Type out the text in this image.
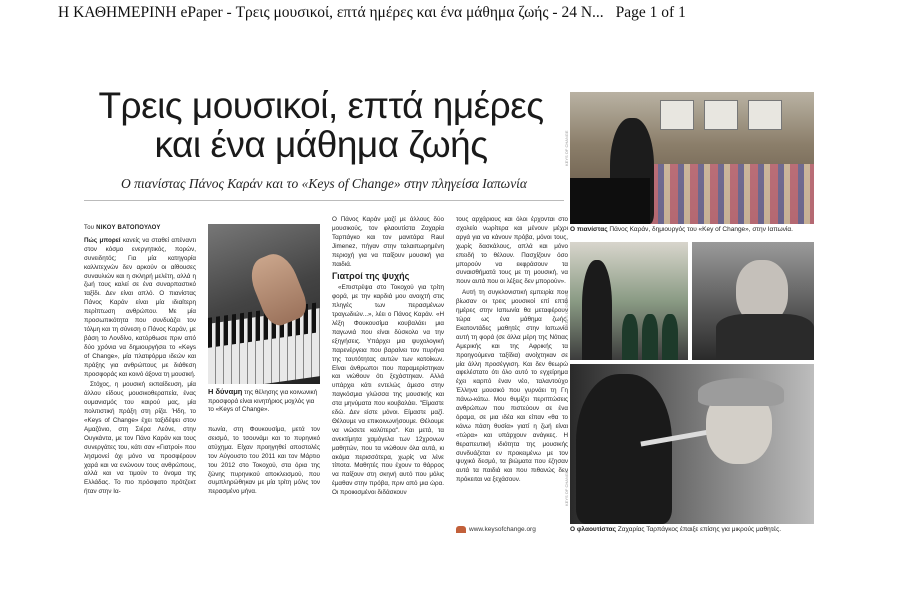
Η ΚΑΘΗΜΕΡΙΝΗ ePaper - Τρεις μουσικοί, επτά ημέρες και ένα μάθημα ζωής - 24 N... Page 1 of 1
Τρεις μουσικοί, επτά ημέρες
και ένα μάθημα ζωής
Ο πιανίστας Πάνος Καράν και το «Keys of Change» στην πληγείσα Ιαπωνία
Του ΝΙΚΟΥ ΒΑΤΟΠΟΥΛΟΥ

Πώς μπορεί κανείς να σταθεί απέναντι στον κόσμο ενεργητικός, πορών, συνειδητός; Για μία κατηγορία καλλιτεχνών δεν αρκούν οι αίθουσες συναυλιών και η σκληρή μελέτη, αλλά η ζωή τους καλεί σε ένα συναρπαστικό ταξίδι. Δεν είναι απλό. Ο πιανίστας Πάνος Καράν είναι μία ιδιαίτερη περίπτωση ανθρώπου. Με μία προσωπικότητα που συνδυάζει τον τόλμη και τη σύνεση ο Πάνος Καράν, με βάση το Λονδίνο, κατόρθωσε πριν από δύο χρόνια να δημιουργήσει το «Keys of Change», μία πλατφόρμα ιδεών και πράξης για ανθρώπους με διάθεση προσφοράς και κοινό άξονα τη μουσική.

Στόχος, η μουσική εκπαίδευση, μία άλλου είδους μουσικοθεραπεία, ένας ουμανισμός του καιρού μας, μία πολιτιστική πράξη στη ρίζα. Ήδη, το «Keys of Change» έχει ταξιδέψει στον Αμαζόνιο, στη Σιέρα Λεόνε, στην Ουγκάντα, με τον Πάνο Καράν και τους συνεργάτες του, κάτι σαν «Γιατροί» που λησμονεί όχι μόνο να προσφέρουν χαρά και να ενώνουν τους ανθρώπους, αλλά και να τιμούν το όνομα της Ελλάδας. Το πιο πρόσφατο πρότζεκτ ήταν στην Ια-

Η δύναμη της θέλησης για κοινωνική προσφορά είναι κινητήριος μοχλός για το «Keys of Change».

πωνία, στη Φουκουσίμα, μετά τον σεισμό, το τσουνάμι και το πυρηνικό ατύχημα. Είχαν προηγηθεί αποστολές τον Αύγουστο του 2011 και τον Μάρτιο του 2012 στο Τοκοχού, στα όρια της ζώνης πυρηνικού αποκλεισμού, που συμπληρώθηκαν με μία τρίτη μόλις τον περασμένο μήνα.

Ο Πάνος Καράν μαζί με άλλους δύο μουσικούς, τον φλαουτίστα Ζαχαρία Ταρπάγκο και τον μανιτάρα Raul Jimenez, πήγαν στην ταλαιπωρημένη περιοχή για να παίξουν μουσική για παιδιά.

Γιατροί της ψυχής

«Επιστρέψα στο Τοκοχού για τρίτη φορά, με την καρδιά μου ανοιχτή στις πληγές των περασμένων τραγωδιών...», λέει ο Πάνος Καράν. «Η λέξη Φουκουσίμα κουβαλάει μια παγωνιά που είναι δύσκολο να την εξηγήσεις. Υπάρχει μια ψυχολογική παρενέργεια που βαραίνει τον πυρήνα της ταυτότητας αυτών των κατοίκων. Είναι άνθρωποι που παραμερίστηκαν και νιώθουν ότι ξεχάστηκαν. Αλλά υπάρχει κάτι εντελώς άμεσο στην παγκόσμια γλώσσα της μουσικής και στα μηνύματα που κουβαλάει. "Είμαστε εδώ. Δεν είστε μόνοι. Είμαστε μαζί. Θέλουμε να επικοινωνήσουμε. Θέλουμε να νιώσετε καλύτερα". Και μετά, τα ανεκτίμητα χαμόγελα των 12χρονων μαθητών, που τα νιώθουν όλα αυτά, κι ακόμα περισσότερα, χωρίς να λένε τίποτα. Μαθητές που έχουν το θάρρος να παίξουν στη σκηνή αυτό που μόλις έμαθαν στην πρόβα, πριν από μια ώρα. Οι προικισμένοι διδάσκουν

τους αρχάριους και όλοι έρχονται στο σχολείο νωρίτερα και μένουν μέχρι αργά για να κάνουν πρόβα, μόνοι τους, χωρίς δασκάλους, απλά και μόνο επειδή το θέλουν. Πασχίζουν όσο μπορούν να εκφράσουν τα συναισθήματά τους με τη μουσική, να πουν αυτά που οι λέξεις δεν μπορούν».

Αυτή τη συγκλονιστική εμπειρία που βίωσαν οι τρεις μουσικοί επί επτά ημέρες στην Ιαπωνία θα μεταφέρουν τώρα ως ένα μάθημα ζωής. Εκατοντάδες μαθητές στην Ιαπωνία αυτή τη φορά (σε άλλα μέρη της Νότιας Αμερικής και της Αφρικής τα προηγούμενα ταξίδια) ανοίχτηκαν σε μία άλλη προσέγγιση. Και δεν θεωρώ αφελέστατο ότι όλο αυτό το εγχείρημα έχει καρπό έναν νέο, ταλαντούχο Έλληνα μουσικό που γυρνάει τη Γη πάνω-κάτω. Μου θυμίζει περιπτώσεις ανθρώπων που πιστεύουν σε ένα όραμα, σε μια ιδέα και είπαν «θα το κάνω πάση θυσία» γιατί η ζωή είναι «τώρα» και υπάρχουν ανάγκες. Η θεραπευτική ιδιότητα της μουσικής συνδυάζεται εν προκειμένω με τον ψυχικό δεσμό, τα βιώματα που έζησαν αυτά τα παιδιά και που πιθανώς δεν πρόκειται να ξεχάσουν.

www.keysofchange.org
Ο πιανίστας Πάνος Καράν, δημιουργός του «Key of Change», στην Ιαπωνία.
Ο φλαουτίστας Ζαχαρίας Ταρπάγκος έπαιξε επίσης για μικρούς μαθητές.
KEYS OF CHANGE
KEYS OF CHANGE
KEYS OF CHANGE
